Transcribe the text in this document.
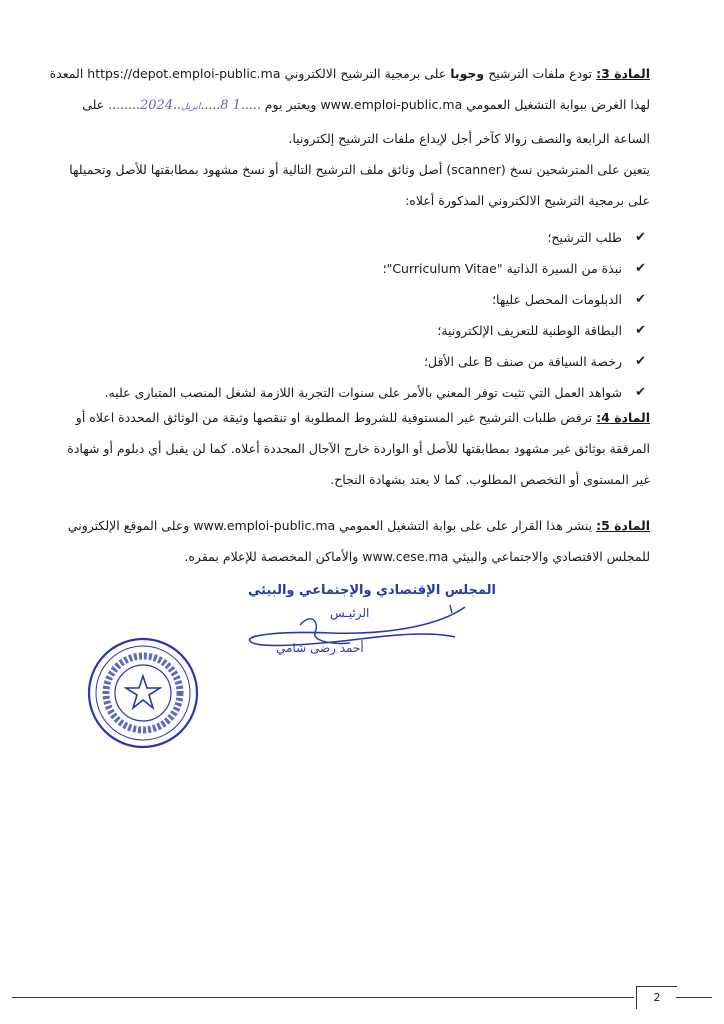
المادة 3: تودع ملفات الترشيح وجوبا على برمجية الترشيح الالكتروني https://depot.emploi-public.ma المعدة
لهذا الغرض ببوابة التشغيل العمومي www.emploi-public.ma ويعتبر يوم .....1 8.....ابريل..2024........ على
الساعة الرابعة والنصف زوالا كآخر أجل لإيداع ملفات الترشيح إلكترونيا.
يتعين على المترشحين نسخ (scanner) أصل وثائق ملف الترشيح التالية أو نسخ مشهود بمطابقتها للأصل وتحميلها
على برمجية الترشيح الالكتروني المذكورة أعلاه:
✔
طلب الترشيح؛
✔
نبذة من السيرة الذاتية "Curriculum Vitae"؛
✔
الدبلومات المحصل عليها؛
✔
البطاقة الوطنية للتعريف الإلكترونية؛
✔
رخصة السياقة من صنف B على الأقل؛
✔
شواهد العمل التي تثبت توفر المعني بالأمر على سنوات التجربة اللازمة لشغل المنصب المتبارى عليه.
المادة 4: ترفض طلبات الترشيح غير المستوفية للشروط المطلوبة او تنقصها وثيقة من الوثائق المحددة اعلاه أو
المرفقة بوثائق غير مشهود بمطابقتها للأصل أو الواردة خارج الآجال المحددة أعلاه. كما لن يقبل أي دبلوم أو شهادة
غير المستوى أو التخصص المطلوب. كما لا يعتد بشهادة النجاح.
المادة 5: ينشر هذا القرار على على بوابة التشغيل العمومي www.emploi-public.ma وعلى الموقع الإلكتروني
للمجلس الاقتصادي والاجتماعي والبيئي www.cese.ma والأماكن المخصصة للإعلام بمقره.
المجلس الإقتصادي والإجتماعي والبيئي
الرئيـس
أحمد رضى شامي
2
